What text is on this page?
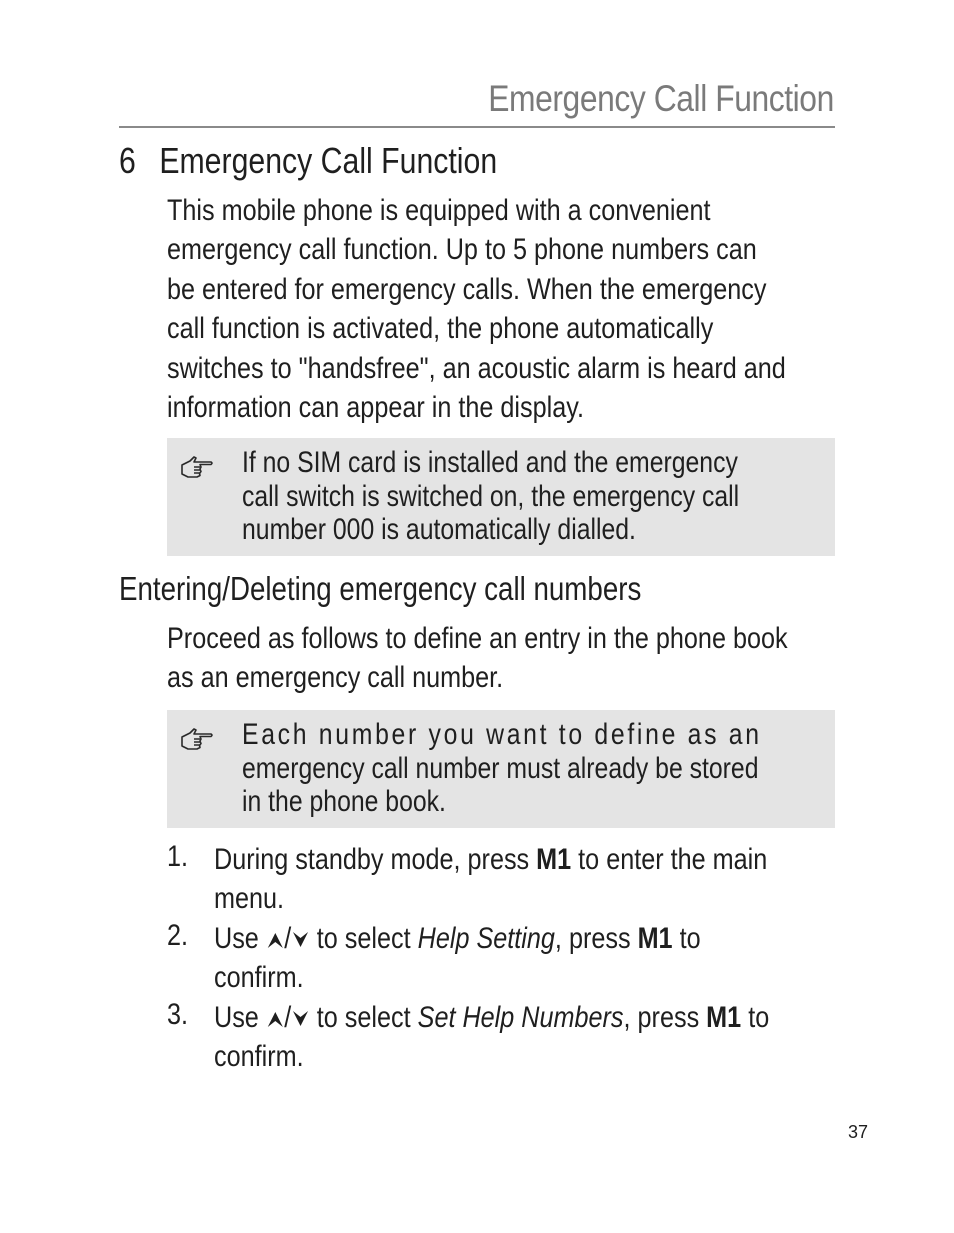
Emergency Call Function
6 Emergency Call Function
This mobile phone is equipped with a convenient
emergency call function. Up to 5 phone numbers can
be entered for emergency calls. When the emergency
call function is activated, the phone automatically
switches to "handsfree", an acoustic alarm is heard and
information can appear in the display.
If no SIM card is installed and the emergency
call switch is switched on, the emergency call
number 000 is automatically dialled.
Entering/Deleting emergency call numbers
Proceed as follows to define an entry in the phone book
as an emergency call number.
Each number you want to define as an
emergency call number must already be stored
in the phone book.
1. During standby mode, press M1 to enter the main
menu.
2. Use / to select Help Setting, press M1 to
confirm.
3. Use / to select Set Help Numbers, press M1 to
confirm.
37
